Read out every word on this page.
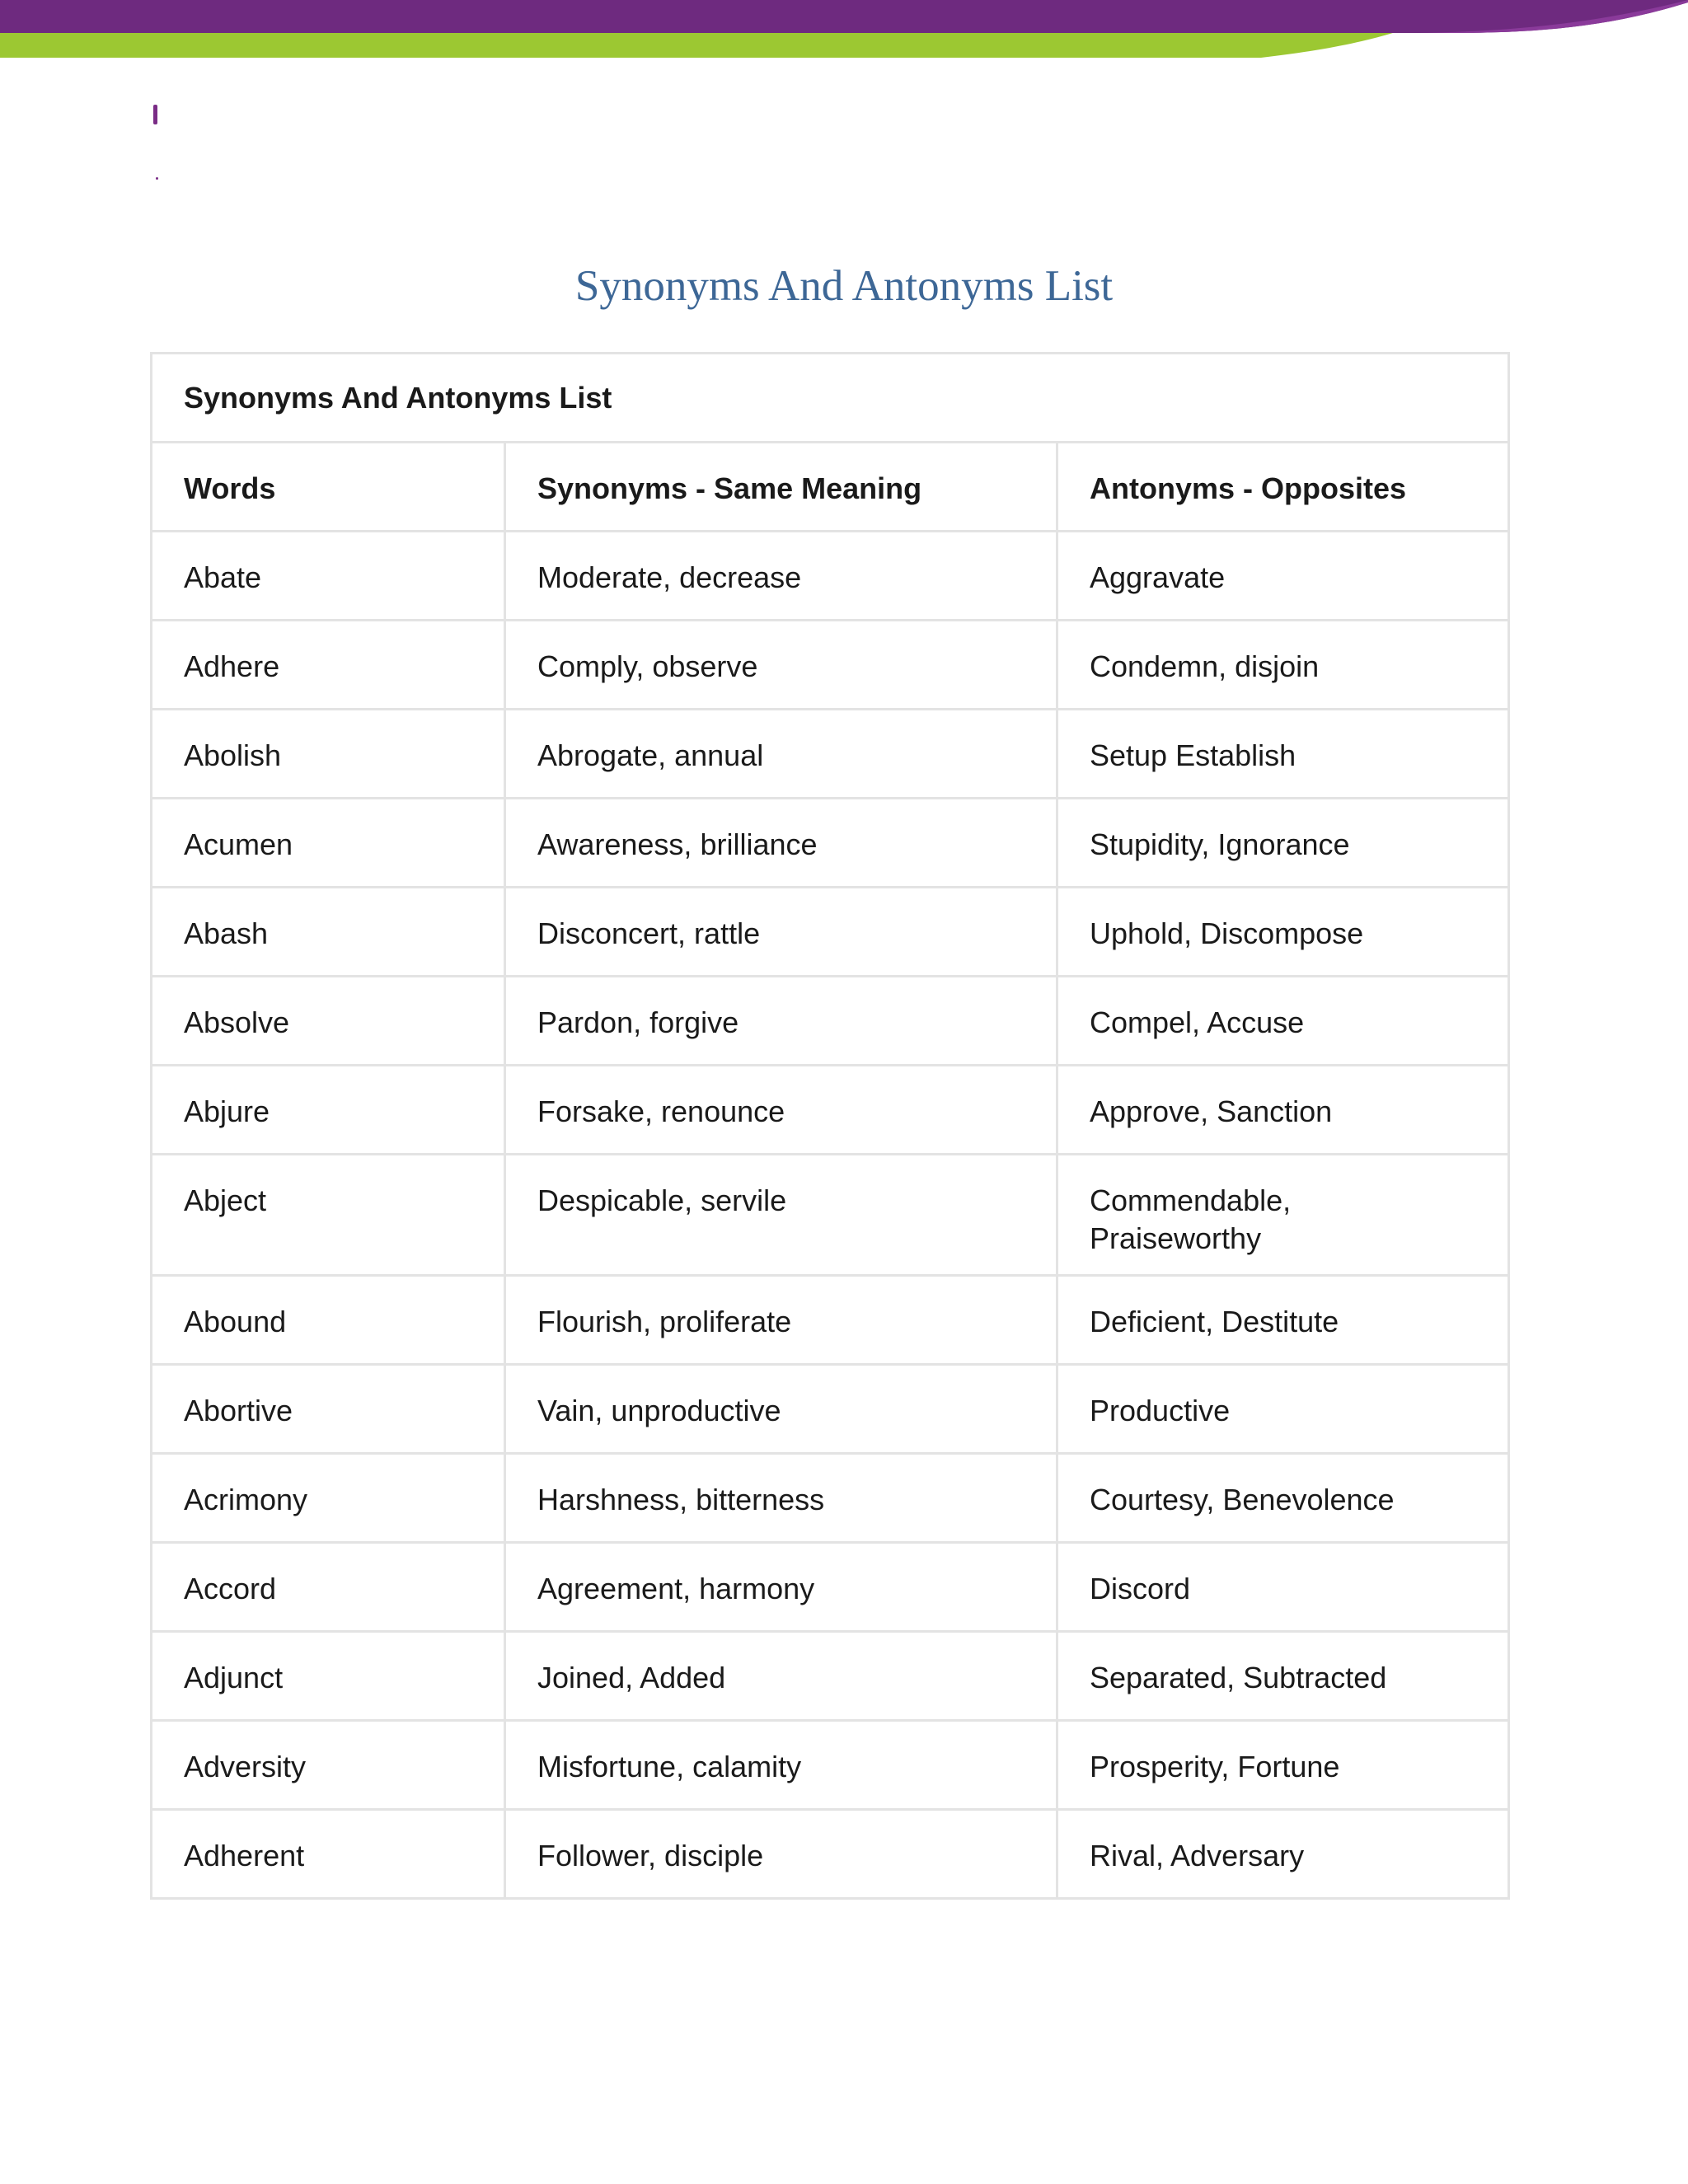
Synonyms And Antonyms List
Synonyms And Antonyms List		
Words	Synonyms - Same Meaning	Antonyms - Opposites
Abate	Moderate, decrease	Aggravate
Adhere	Comply, observe	Condemn, disjoin
Abolish	Abrogate, annual	Setup Establish
Acumen	Awareness, brilliance	Stupidity, Ignorance
Abash	Disconcert, rattle	Uphold, Discompose
Absolve	Pardon, forgive	Compel, Accuse
Abjure	Forsake, renounce	Approve, Sanction
Abject	Despicable, servile	Commendable,
Praiseworthy
Abound	Flourish, proliferate	Deficient, Destitute
Abortive	Vain, unproductive	Productive
Acrimony	Harshness, bitterness	Courtesy, Benevolence
Accord	Agreement, harmony	Discord
Adjunct	Joined, Added	Separated, Subtracted
Adversity	Misfortune, calamity	Prosperity, Fortune
Adherent	Follower, disciple	Rival, Adversary
